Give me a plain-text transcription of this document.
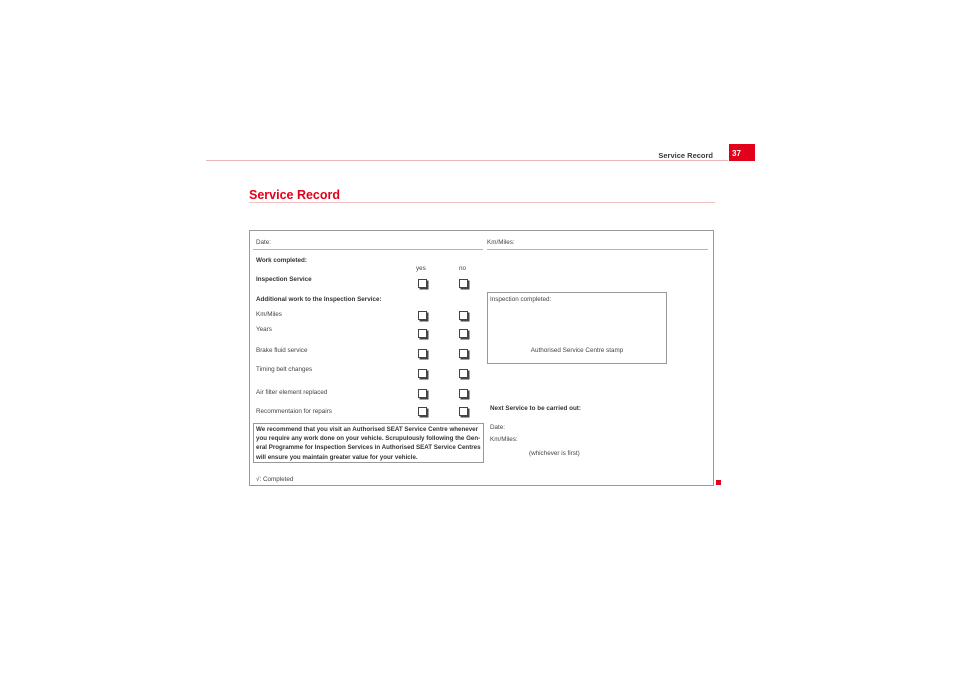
Service Record	37
Service Record
Date:
Work completed:
yes	no
Inspection Service
Additional work to the Inspection Service:
Km/Miles
Years
Brake fluid service
Timing belt changes
Air filter element replaced
Recommentaion for repairs
We recommend that you visit an Authorised SEAT Service Centre whenever you require any work done on your vehicle. Scrupulously following the Gen-eral Programme for Inspection Services in Authorised SEAT Service Centres will ensure you maintain greater value for your vehicle.
√: Completed
Km/Miles:
Inspection completed:
Authorised Service Centre stamp
Next Service to be carried out:
Date:
Km/Miles:
(whichever is first)
